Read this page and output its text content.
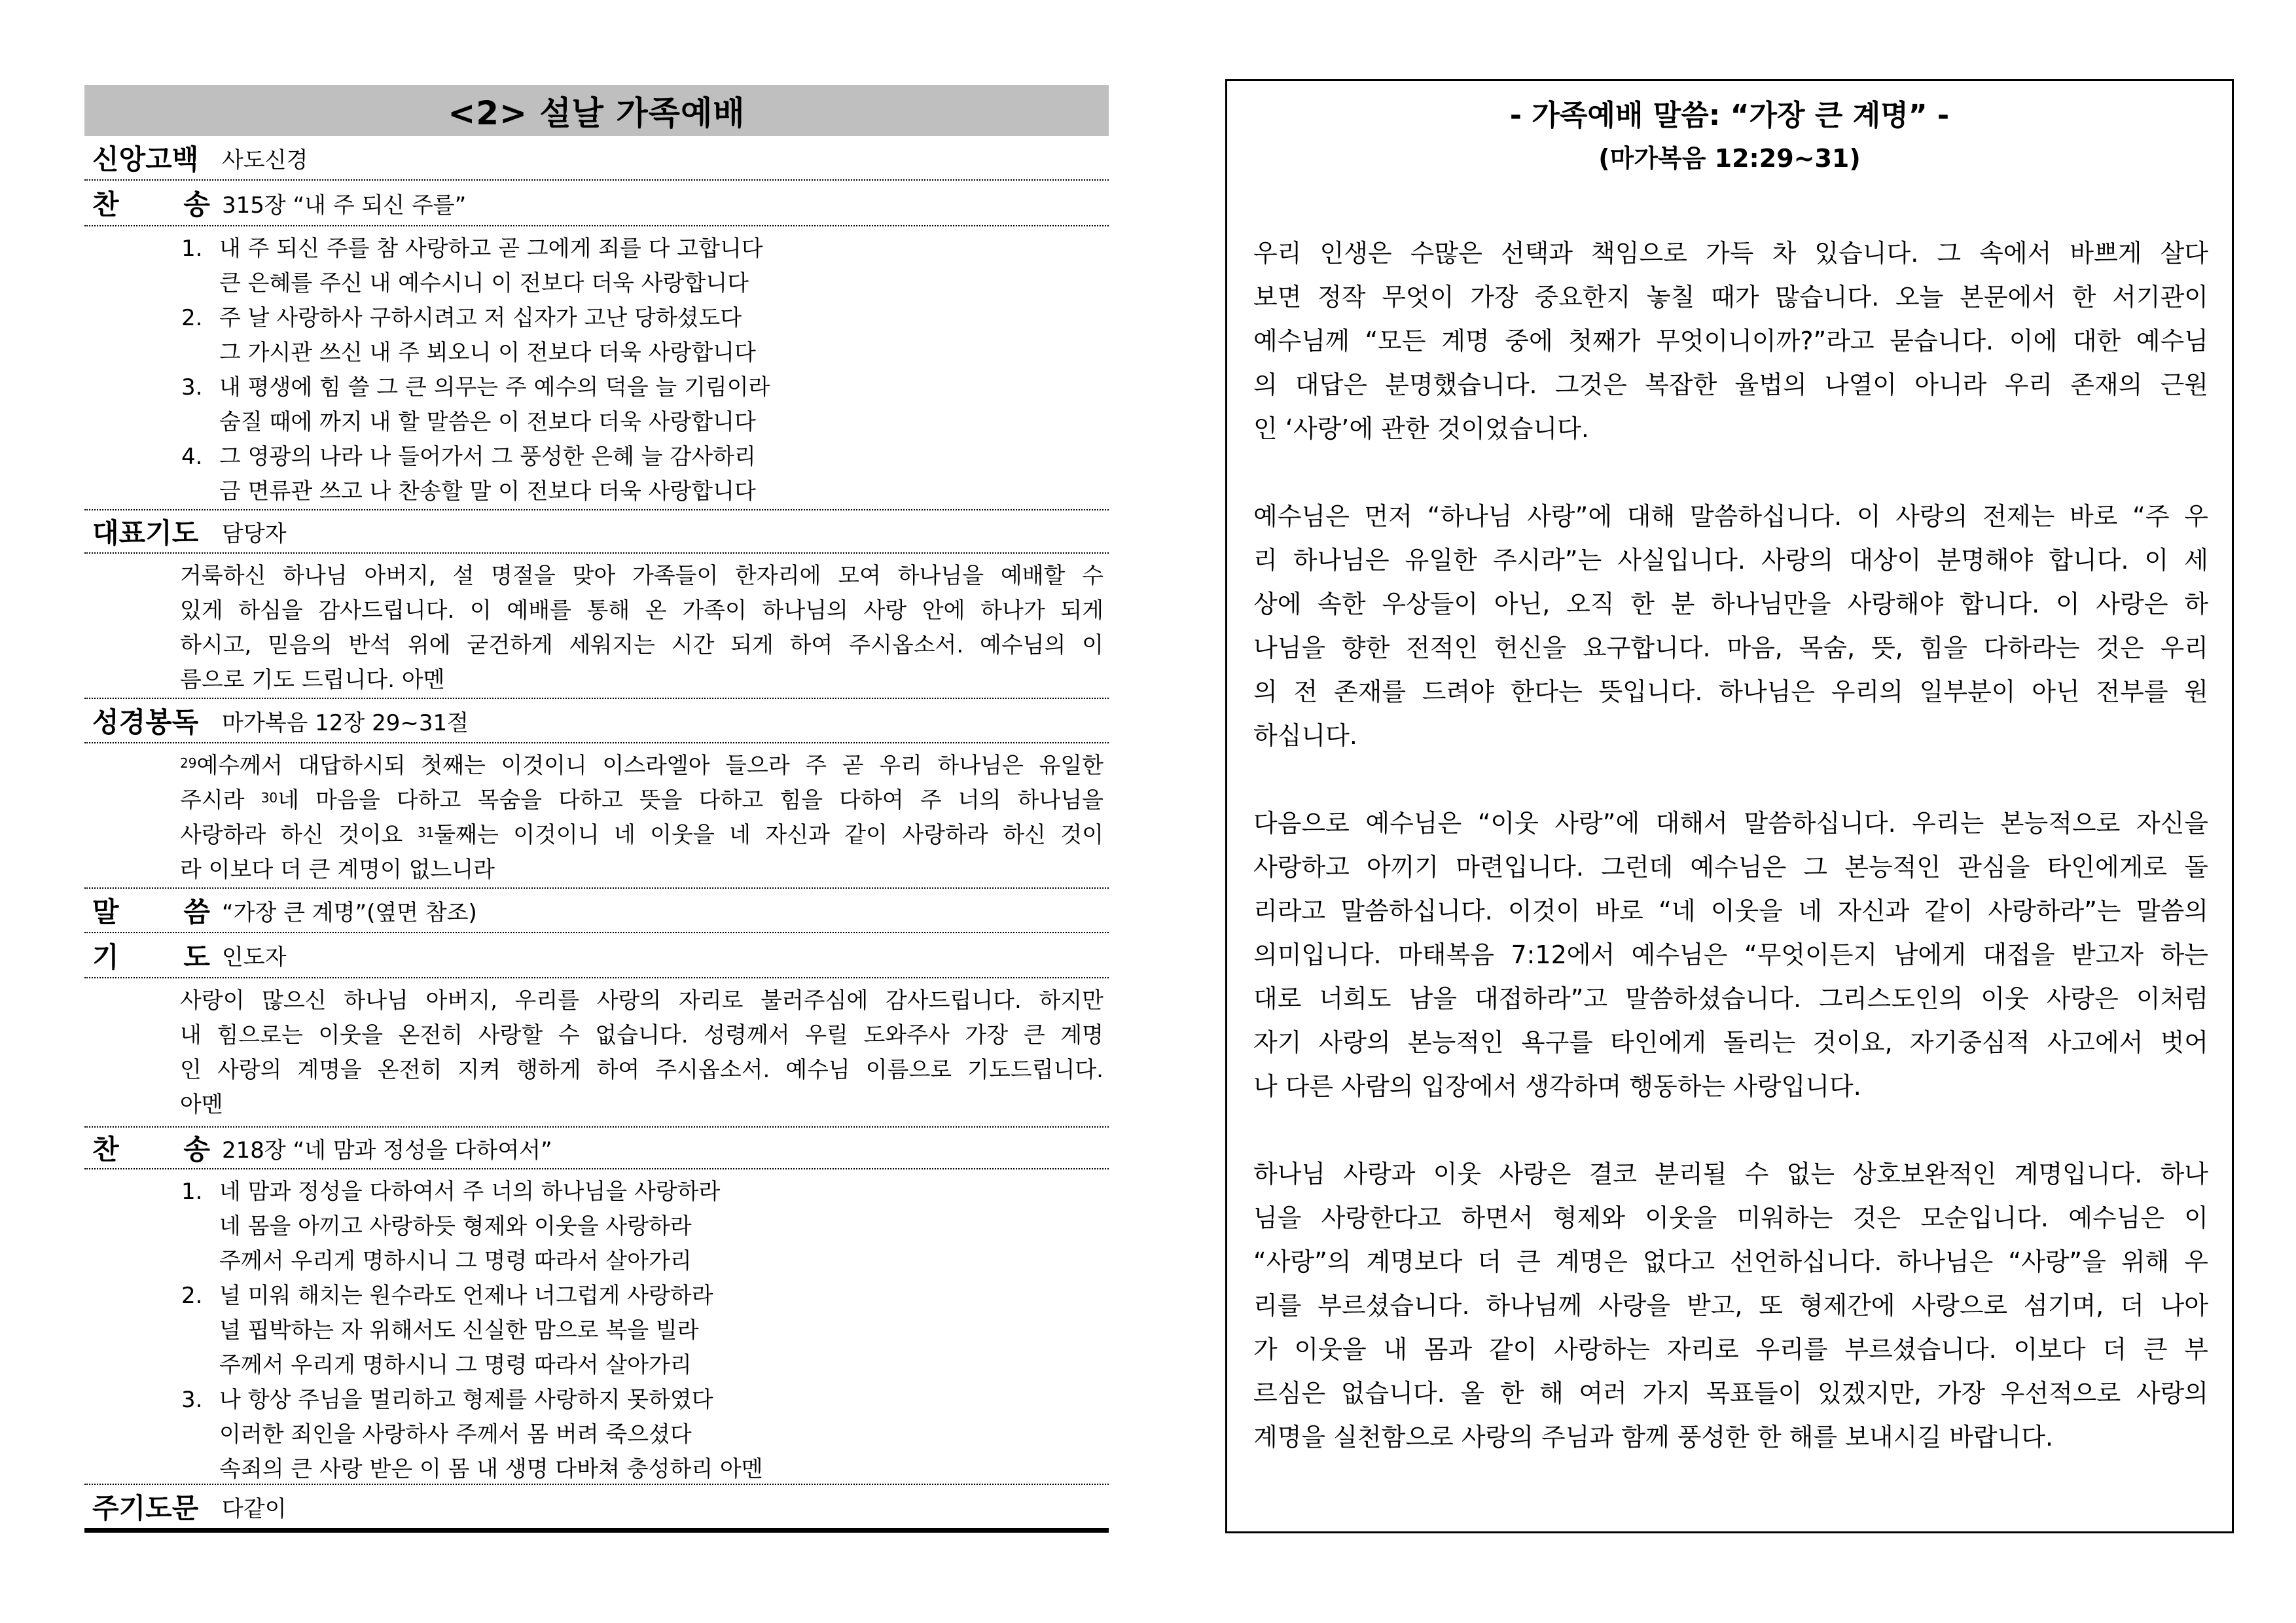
<2> 설날 가족예배
신앙고백 사도신경
찬 송 315장 “내 주 되신 주를”
1. 내 주 되신 주를 참 사랑하고 곧 그에게 죄를 다 고합니다
큰 은혜를 주신 내 예수시니 이 전보다 더욱 사랑합니다
2. 주 날 사랑하사 구하시려고 저 십자가 고난 당하셨도다
그 가시관 쓰신 내 주 뵈오니 이 전보다 더욱 사랑합니다
3. 내 평생에 힘 쓸 그 큰 의무는 주 예수의 덕을 늘 기림이라
숨질 때에 까지 내 할 말씀은 이 전보다 더욱 사랑합니다
4. 그 영광의 나라 나 들어가서 그 풍성한 은혜 늘 감사하리
금 면류관 쓰고 나 찬송할 말 이 전보다 더욱 사랑합니다
대표기도 담당자
거룩하신 하나님 아버지, 설 명절을 맞아 가족들이 한자리에 모여 하나님을 예배할 수
있게 하심을 감사드립니다. 이 예배를 통해 온 가족이 하나님의 사랑 안에 하나가 되게
하시고, 믿음의 반석 위에 굳건하게 세워지는 시간 되게 하여 주시옵소서. 예수님의 이
름으로 기도 드립니다. 아멘
성경봉독 마가복음 12장 29~31절
$^{29}$예수께서 대답하시되 첫째는 이것이니 이스라엘아 들으라 주 곧 우리 하나님은 유일한
주시라 $^{30}$네 마음을 다하고 목숨을 다하고 뜻을 다하고 힘을 다하여 주 너의 하나님을
사랑하라 하신 것이요 $^{31}$둘째는 이것이니 네 이웃을 네 자신과 같이 사랑하라 하신 것이
라 이보다 더 큰 계명이 없느니라
말 씀 “가장 큰 계명”(옆면 참조)
기 도 인도자
사랑이 많으신 하나님 아버지, 우리를 사랑의 자리로 불러주심에 감사드립니다. 하지만
내 힘으로는 이웃을 온전히 사랑할 수 없습니다. 성령께서 우릴 도와주사 가장 큰 계명
인 사랑의 계명을 온전히 지켜 행하게 하여 주시옵소서. 예수님 이름으로 기도드립니다.
아멘
찬 송 218장 “네 맘과 정성을 다하여서”
1. 네 맘과 정성을 다하여서 주 너의 하나님을 사랑하라
네 몸을 아끼고 사랑하듯 형제와 이웃을 사랑하라
주께서 우리게 명하시니 그 명령 따라서 살아가리
2. 널 미워 해치는 원수라도 언제나 너그럽게 사랑하라
널 핍박하는 자 위해서도 신실한 맘으로 복을 빌라
주께서 우리게 명하시니 그 명령 따라서 살아가리
3. 나 항상 주님을 멀리하고 형제를 사랑하지 못하였다
이러한 죄인을 사랑하사 주께서 몸 버려 죽으셨다
속죄의 큰 사랑 받은 이 몸 내 생명 다바쳐 충성하리 아멘
주기도문 다같이
- 가족예배 말씀: “가장 큰 계명” -
(마가복음 12:29~31)
우리 인생은 수많은 선택과 책임으로 가득 차 있습니다. 그 속에서 바쁘게 살다
보면 정작 무엇이 가장 중요한지 놓칠 때가 많습니다. 오늘 본문에서 한 서기관이
예수님께 “모든 계명 중에 첫째가 무엇이니이까?”라고 묻습니다. 이에 대한 예수님
의 대답은 분명했습니다. 그것은 복잡한 율법의 나열이 아니라 우리 존재의 근원
인 ‘사랑’에 관한 것이었습니다.
예수님은 먼저 “하나님 사랑”에 대해 말씀하십니다. 이 사랑의 전제는 바로 “주 우
리 하나님은 유일한 주시라”는 사실입니다. 사랑의 대상이 분명해야 합니다. 이 세
상에 속한 우상들이 아닌, 오직 한 분 하나님만을 사랑해야 합니다. 이 사랑은 하
나님을 향한 전적인 헌신을 요구합니다. 마음, 목숨, 뜻, 힘을 다하라는 것은 우리
의 전 존재를 드려야 한다는 뜻입니다. 하나님은 우리의 일부분이 아닌 전부를 원
하십니다.
다음으로 예수님은 “이웃 사랑”에 대해서 말씀하십니다. 우리는 본능적으로 자신을
사랑하고 아끼기 마련입니다. 그런데 예수님은 그 본능적인 관심을 타인에게로 돌
리라고 말씀하십니다. 이것이 바로 “네 이웃을 네 자신과 같이 사랑하라”는 말씀의
의미입니다. 마태복음 7:12에서 예수님은 “무엇이든지 남에게 대접을 받고자 하는
대로 너희도 남을 대접하라”고 말씀하셨습니다. 그리스도인의 이웃 사랑은 이처럼
자기 사랑의 본능적인 욕구를 타인에게 돌리는 것이요, 자기중심적 사고에서 벗어
나 다른 사람의 입장에서 생각하며 행동하는 사랑입니다.
하나님 사랑과 이웃 사랑은 결코 분리될 수 없는 상호보완적인 계명입니다. 하나
님을 사랑한다고 하면서 형제와 이웃을 미워하는 것은 모순입니다. 예수님은 이
“사랑”의 계명보다 더 큰 계명은 없다고 선언하십니다. 하나님은 “사랑”을 위해 우
리를 부르셨습니다. 하나님께 사랑을 받고, 또 형제간에 사랑으로 섬기며, 더 나아
가 이웃을 내 몸과 같이 사랑하는 자리로 우리를 부르셨습니다. 이보다 더 큰 부
르심은 없습니다. 올 한 해 여러 가지 목표들이 있겠지만, 가장 우선적으로 사랑의
계명을 실천함으로 사랑의 주님과 함께 풍성한 한 해를 보내시길 바랍니다.
